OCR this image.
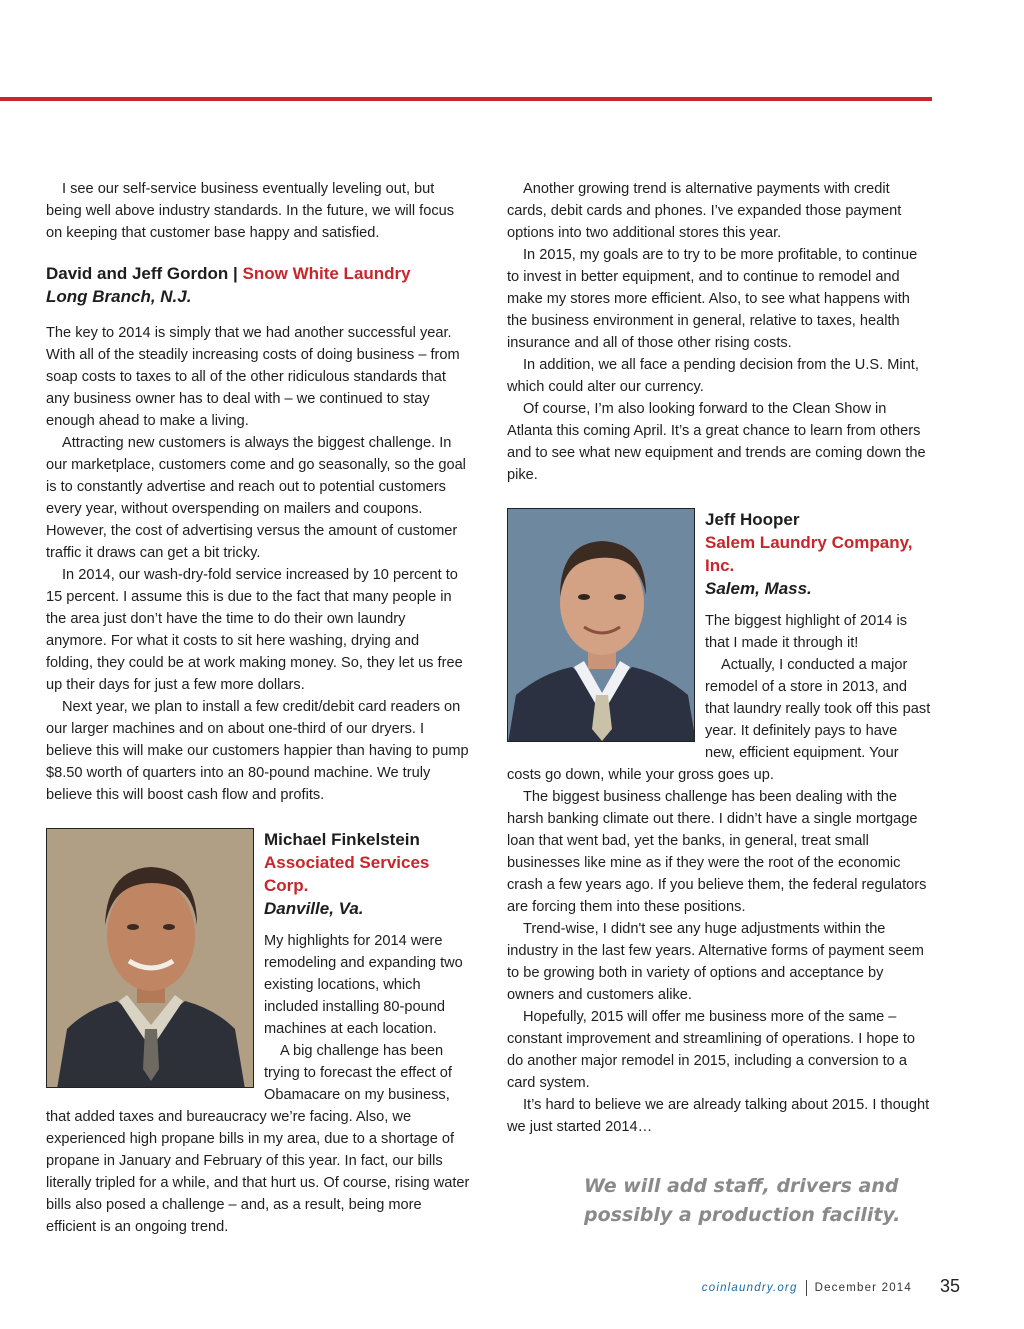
I see our self-service business eventually leveling out, but being well above industry standards. In the future, we will focus on keeping that customer base happy and satisfied.

David and Jeff Gordon | Snow White Laundry
Long Branch, N.J.

The key to 2014 is simply that we had another successful year. With all of the steadily increasing costs of doing business – from soap costs to taxes to all of the other ridiculous standards that any business owner has to deal with – we continued to stay enough ahead to make a living.

Attracting new customers is always the biggest challenge. In our marketplace, customers come and go seasonally, so the goal is to constantly advertise and reach out to potential customers every year, without overspending on mailers and coupons. However, the cost of advertising versus the amount of customer traffic it draws can get a bit tricky.

In 2014, our wash-dry-fold service increased by 10 percent to 15 percent. I assume this is due to the fact that many people in the area just don’t have the time to do their own laundry anymore. For what it costs to sit here washing, drying and folding, they could be at work making money. So, they let us free up their days for just a few more dollars.

Next year, we plan to install a few credit/debit card readers on our larger machines and on about one-third of our dryers. I believe this will make our customers happier than having to pump $8.50 worth of quarters into an 80-pound machine. We truly believe this will boost cash flow and profits.

Michael Finkelstein
Associated Services Corp.
Danville, Va.

My highlights for 2014 were remodeling and expanding two existing locations, which included installing 80-pound machines at each location.

A big challenge has been trying to forecast the effect of Obamacare on my business, that added taxes and bureaucracy we’re facing. Also, we experienced high propane bills in my area, due to a shortage of propane in January and February of this year. In fact, our bills literally tripled for a while, and that hurt us. Of course, rising water bills also posed a challenge – and, as a result, being more efficient is an ongoing trend.

Another growing trend is alternative payments with credit cards, debit cards and phones. I’ve expanded those payment options into two additional stores this year.

In 2015, my goals are to try to be more profitable, to continue to invest in better equipment, and to continue to remodel and make my stores more efficient. Also, to see what happens with the business environment in general, relative to taxes, health insurance and all of those other rising costs.

In addition, we all face a pending decision from the U.S. Mint, which could alter our currency.

Of course, I’m also looking forward to the Clean Show in Atlanta this coming April. It’s a great chance to learn from others and to see what new equipment and trends are coming down the pike.

Jeff Hooper
Salem Laundry Company, Inc.
Salem, Mass.

The biggest highlight of 2014 is that I made it through it!

Actually, I conducted a major remodel of a store in 2013, and that laundry really took off this past year. It definitely pays to have new, efficient equipment. Your costs go down, while your gross goes up.

The biggest business challenge has been dealing with the harsh banking climate out there. I didn’t have a single mortgage loan that went bad, yet the banks, in general, treat small businesses like mine as if they were the root of the economic crash a few years ago. If you believe them, the federal regulators are forcing them into these positions.

Trend-wise, I didn't see any huge adjustments within the industry in the last few years. Alternative forms of payment seem to be growing both in variety of options and acceptance by owners and customers alike.

Hopefully, 2015 will offer me business more of the same – constant improvement and streamlining of operations. I hope to do another major remodel in 2015, including a conversion to a card system.

It’s hard to believe we are already talking about 2015. I thought we just started 2014…

We will add staff, drivers and possibly a production facility.
coinlaundry.org December 2014 35
